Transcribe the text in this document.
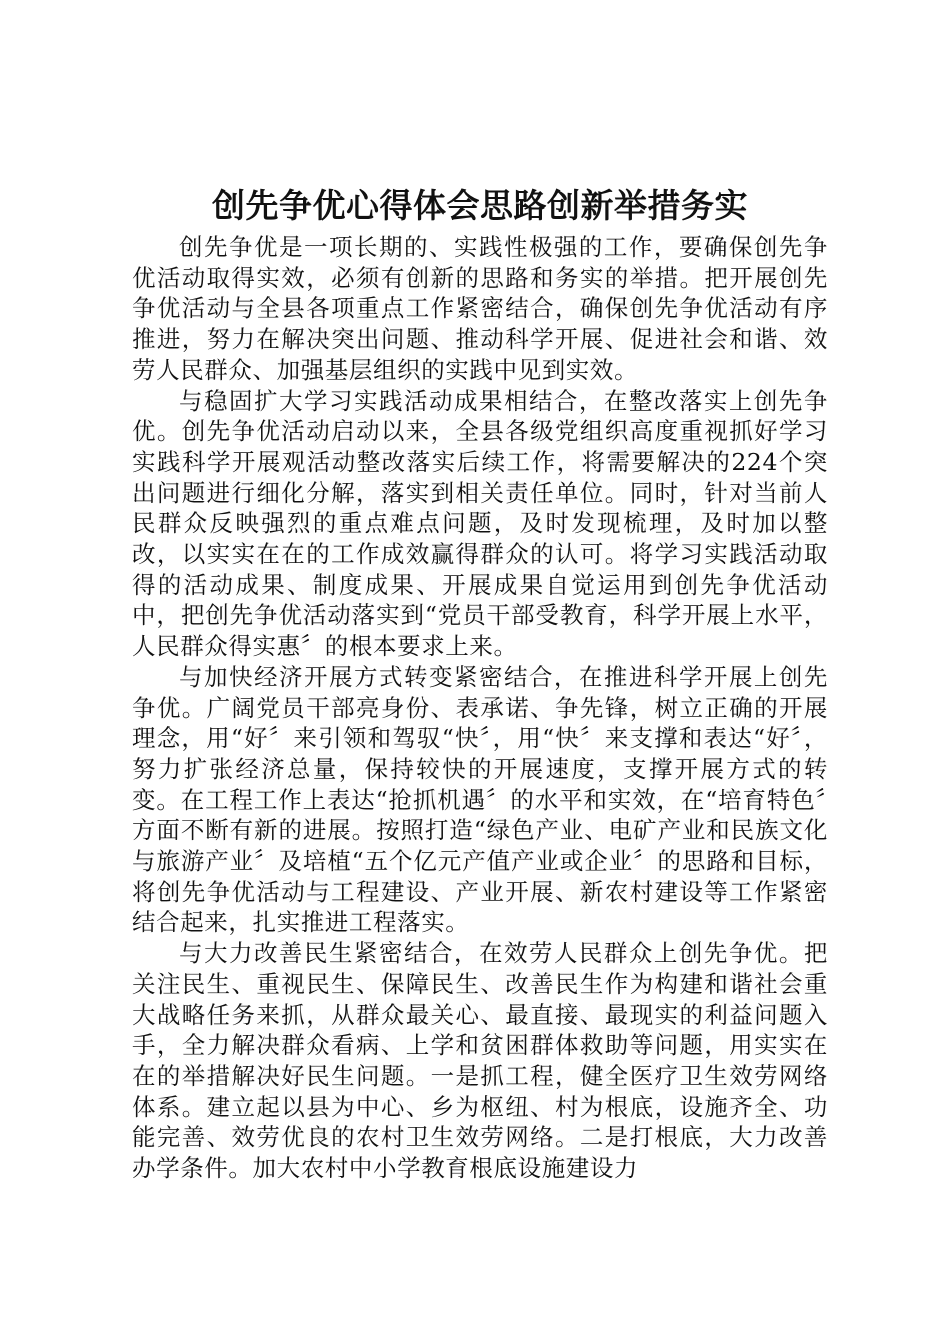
创先争优心得体会思路创新举措务实

创先争优是一项长期的、实践性极强的工作，要确保创先争优活动取得实效，必须有创新的思路和务实的举措。把开展创先争优活动与全县各项重点工作紧密结合，确保创先争优活动有序推进，努力在解决突出问题、推动科学开展、促进社会和谐、效劳人民群众、加强基层组织的实践中见到实效。

与稳固扩大学习实践活动成果相结合，在整改落实上创先争优。创先争优活动启动以来，全县各级党组织高度重视抓好学习实践科学开展观活动整改落实后续工作，将需要解决的224个突出问题进行细化分解，落实到相关责任单位。同时，针对当前人民群众反映强烈的重点难点问题，及时发现梳理，及时加以整改，以实实在在的工作成效赢得群众的认可。将学习实践活动取得的活动成果、制度成果、开展成果自觉运用到创先争优活动中，把创先争优活动落实到“党员干部受教育，科学开展上水平，人民群众得实惠〞的根本要求上来。

与加快经济开展方式转变紧密结合，在推进科学开展上创先争优。广阔党员干部亮身份、表承诺、争先锋，树立正确的开展理念，用“好〞来引领和驾驭“快〞，用“快〞来支撑和表达“好〞，努力扩张经济总量，保持较快的开展速度，支撑开展方式的转变。在工程工作上表达“抢抓机遇〞的水平和实效，在“培育特色〞方面不断有新的进展。按照打造“绿色产业、电矿产业和民族文化与旅游产业〞及培植“五个亿元产值产业或企业〞的思路和目标，将创先争优活动与工程建设、产业开展、新农村建设等工作紧密结合起来，扎实推进工程落实。

与大力改善民生紧密结合，在效劳人民群众上创先争优。把关注民生、重视民生、保障民生、改善民生作为构建和谐社会重大战略任务来抓，从群众最关心、最直接、最现实的利益问题入手，全力解决群众看病、上学和贫困群体救助等问题，用实实在在的举措解决好民生问题。一是抓工程，健全医疗卫生效劳网络体系。建立起以县为中心、乡为枢纽、村为根底，设施齐全、功能完善、效劳优良的农村卫生效劳网络。二是打根底，大力改善办学条件。加大农村中小学教育根底设施建设力
